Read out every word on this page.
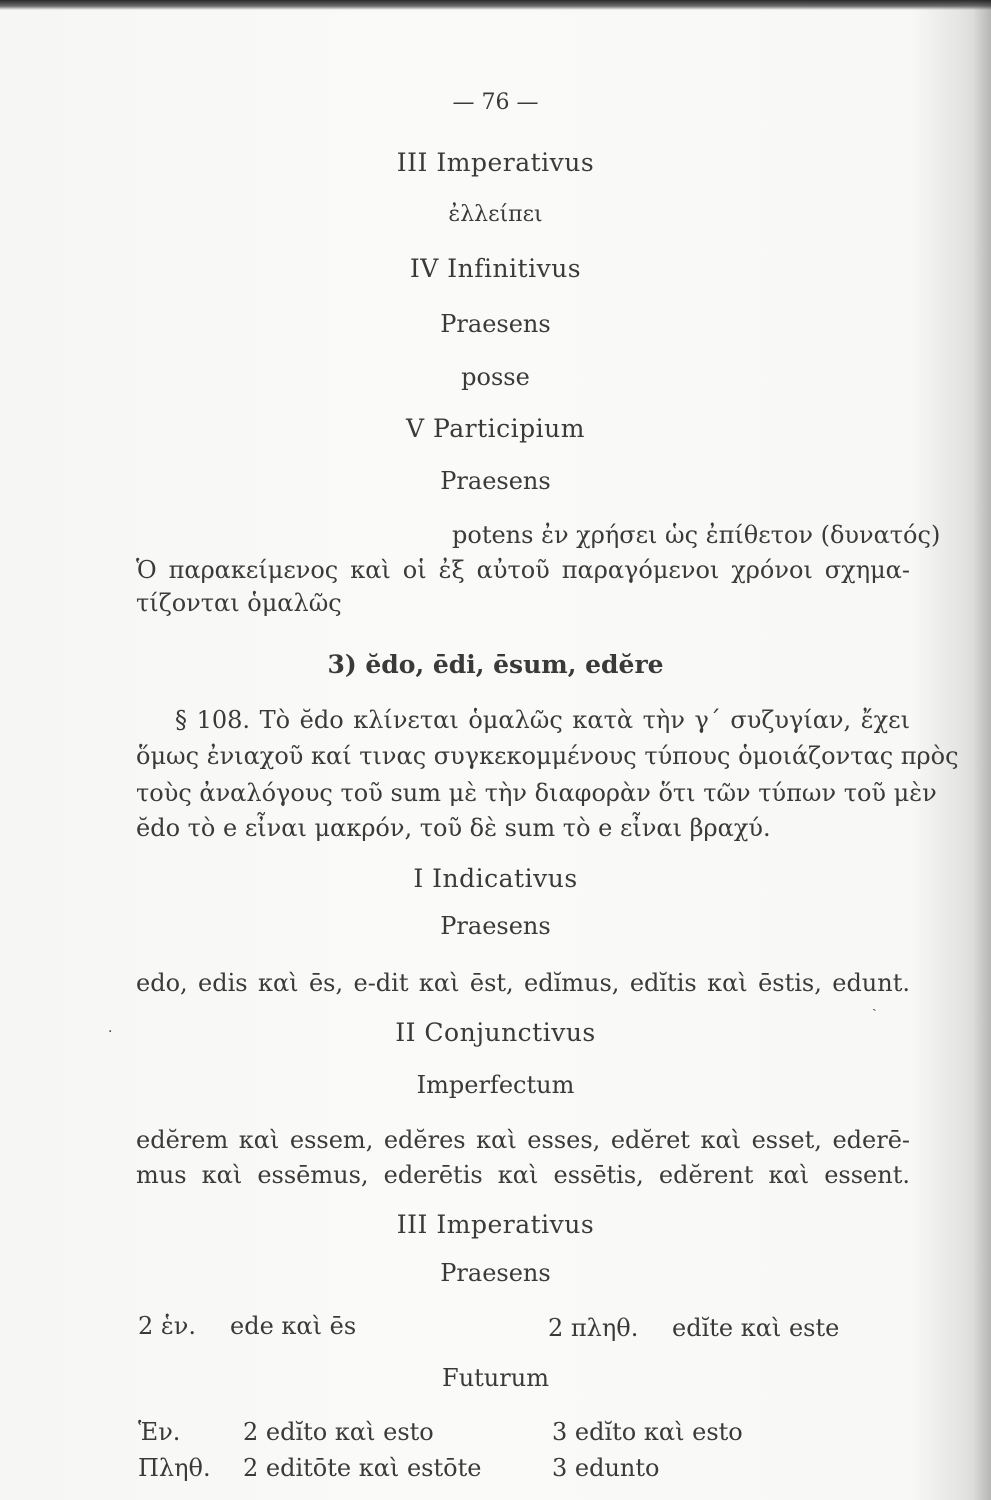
— 76 —
III Imperativus
ἐλλείπει
IV Infinitivus
Praesens
posse
V Participium
Praesens
potens ἐν χρήσει ὡς ἐπίθετον (δυνατός)
Ὁ παρακείμενος καὶ οἱ ἐξ αὐτοῦ παραγόμενοι χρόνοι σχημα-
τίζονται ὁμαλῶς
3) ĕdo, ēdi, ēsum, edĕre
§ 108. Τὸ ĕdo κλίνεται ὁμαλῶς κατὰ τὴν γ΄ συζυγίαν, ἔχει
ὅμως ἐνιαχοῦ καί τινας συγκεκομμένους τύπους ὁμοιάζοντας πρὸς
τοὺς ἀναλόγους τοῦ sum μὲ τὴν διαφορὰν ὅτι τῶν τύπων τοῦ μὲν
ĕdo τὸ e εἶναι μακρόν, τοῦ δὲ sum τὸ e εἶναι βραχύ.
I Indicativus
Praesens
edo, edis καὶ ēs, e-dit καὶ ēst, edĭmus, edĭtis καὶ ēstis, edunt.
II Conjunctivus
Imperfectum
edĕrem καὶ essem, edĕres καὶ esses, edĕret καὶ esset, ederē-
mus καὶ essēmus, ederētis καὶ essētis, edĕrent καὶ essent.
III Imperativus
Praesens
2 ἑν. ede καὶ ēs	2 πληθ. edĭte καὶ este
Futurum
Ἑν.	2 edĭto καὶ esto	3 edĭto καὶ esto
Πληθ. 2 editōte καὶ estōte	3 edunto
ˏ
·
